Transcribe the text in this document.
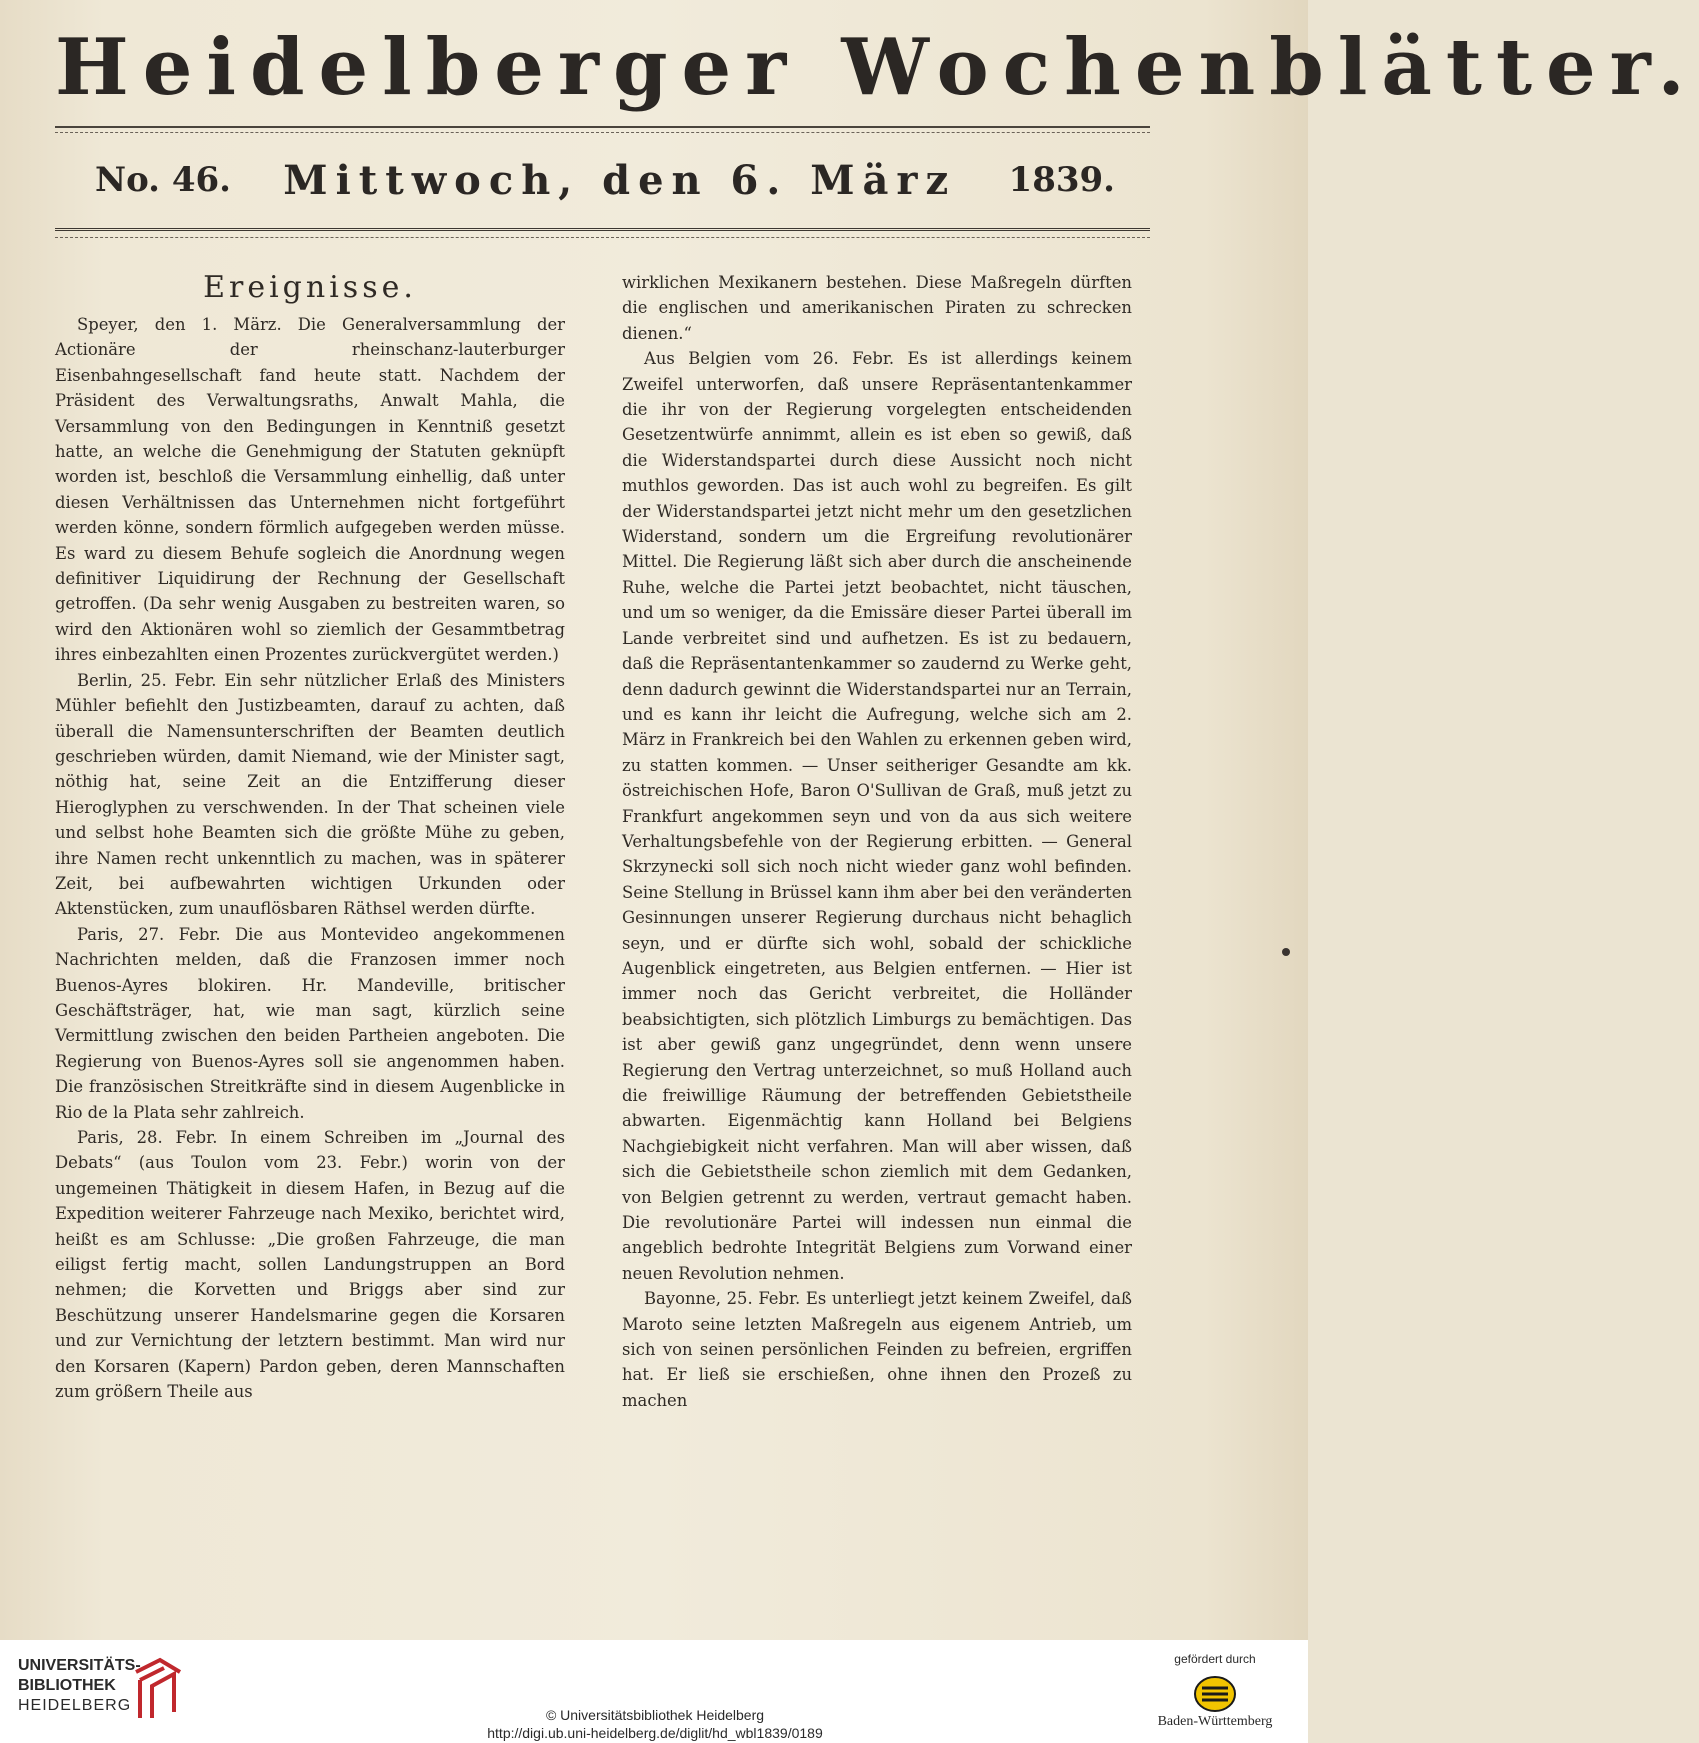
Heidelberger Wochenblätter.
No. 46. Mittwoch, den 6. März 1839.
Ereignisse.

Speyer, den 1. März. Die Generalversammlung der Actionäre der rheinschanz-lauterburger Eisenbahngesellschaft fand heute statt. Nachdem der Präsident des Verwaltungsraths, Anwalt Mahla, die Versammlung von den Bedingungen in Kenntniß gesetzt hatte, an welche die Genehmigung der Statuten geknüpft worden ist, beschloß die Versammlung einhellig, daß unter diesen Verhältnissen das Unternehmen nicht fortgeführt werden könne, sondern förmlich aufgegeben werden müsse. Es ward zu diesem Behufe sogleich die Anordnung wegen definitiver Liquidirung der Rechnung der Gesellschaft getroffen. (Da sehr wenig Ausgaben zu bestreiten waren, so wird den Aktionären wohl so ziemlich der Gesammtbetrag ihres einbezahlten einen Prozentes zurückvergütet werden.)

Berlin, 25. Febr. Ein sehr nützlicher Erlaß des Ministers Mühler befiehlt den Justizbeamten, darauf zu achten, daß überall die Namensunterschriften der Beamten deutlich geschrieben würden, damit Niemand, wie der Minister sagt, nöthig hat, seine Zeit an die Entzifferung dieser Hieroglyphen zu verschwenden. In der That scheinen viele und selbst hohe Beamten sich die größte Mühe zu geben, ihre Namen recht unkenntlich zu machen, was in späterer Zeit, bei aufbewahrten wichtigen Urkunden oder Aktenstücken, zum unauflösbaren Räthsel werden dürfte.

Paris, 27. Febr. Die aus Montevideo angekommenen Nachrichten melden, daß die Franzosen immer noch Buenos-Ayres blokiren. Hr. Mandeville, britischer Geschäftsträger, hat, wie man sagt, kürzlich seine Vermittlung zwischen den beiden Partheien angeboten. Die Regierung von Buenos-Ayres soll sie angenommen haben. Die französischen Streitkräfte sind in diesem Augenblicke in Rio de la Plata sehr zahlreich.

Paris, 28. Febr. In einem Schreiben im „Journal des Debats“ (aus Toulon vom 23. Febr.) worin von der ungemeinen Thätigkeit in diesem Hafen, in Bezug auf die Expedition weiterer Fahrzeuge nach Mexiko, berichtet wird, heißt es am Schlusse: „Die großen Fahrzeuge, die man eiligst fertig macht, sollen Landungstruppen an Bord nehmen; die Korvetten und Briggs aber sind zur Beschützung unserer Handelsmarine gegen die Korsaren und zur Vernichtung der letztern bestimmt. Man wird nur den Korsaren (Kapern) Pardon geben, deren Mannschaften zum größern Theile aus

wirklichen Mexikanern bestehen. Diese Maßregeln dürften die englischen und amerikanischen Piraten zu schrecken dienen.“

Aus Belgien vom 26. Febr. Es ist allerdings keinem Zweifel unterworfen, daß unsere Repräsentantenkammer die ihr von der Regierung vorgelegten entscheidenden Gesetzentwürfe annimmt, allein es ist eben so gewiß, daß die Widerstandspartei durch diese Aussicht noch nicht muthlos geworden. Das ist auch wohl zu begreifen. Es gilt der Widerstandspartei jetzt nicht mehr um den gesetzlichen Widerstand, sondern um die Ergreifung revolutionärer Mittel. Die Regierung läßt sich aber durch die anscheinende Ruhe, welche die Partei jetzt beobachtet, nicht täuschen, und um so weniger, da die Emissäre dieser Partei überall im Lande verbreitet sind und aufhetzen. Es ist zu bedauern, daß die Repräsentantenkammer so zaudernd zu Werke geht, denn dadurch gewinnt die Widerstandspartei nur an Terrain, und es kann ihr leicht die Aufregung, welche sich am 2. März in Frankreich bei den Wahlen zu erkennen geben wird, zu statten kommen. — Unser seitheriger Gesandte am kk. östreichischen Hofe, Baron O'Sullivan de Graß, muß jetzt zu Frankfurt angekommen seyn und von da aus sich weitere Verhaltungsbefehle von der Regierung erbitten. — General Skrzynecki soll sich noch nicht wieder ganz wohl befinden. Seine Stellung in Brüssel kann ihm aber bei den veränderten Gesinnungen unserer Regierung durchaus nicht behaglich seyn, und er dürfte sich wohl, sobald der schickliche Augenblick eingetreten, aus Belgien entfernen. — Hier ist immer noch das Gericht verbreitet, die Holländer beabsichtigten, sich plötzlich Limburgs zu bemächtigen. Das ist aber gewiß ganz ungegründet, denn wenn unsere Regierung den Vertrag unterzeichnet, so muß Holland auch die freiwillige Räumung der betreffenden Gebietstheile abwarten. Eigenmächtig kann Holland bei Belgiens Nachgiebigkeit nicht verfahren. Man will aber wissen, daß sich die Gebietstheile schon ziemlich mit dem Gedanken, von Belgien getrennt zu werden, vertraut gemacht haben. Die revolutionäre Partei will indessen nun einmal die angeblich bedrohte Integrität Belgiens zum Vorwand einer neuen Revolution nehmen.

Bayonne, 25. Febr. Es unterliegt jetzt keinem Zweifel, daß Maroto seine letzten Maßregeln aus eigenem Antrieb, um sich von seinen persönlichen Feinden zu befreien, ergriffen hat. Er ließ sie erschießen, ohne ihnen den Prozeß zu machen

UNIVERSITÄTS-
BIBLIOTHEK
HEIDELBERG
© Universitätsbibliothek Heidelberg
http://digi.ub.uni-heidelberg.de/diglit/hd_wbl1839/0189
gefördert durch
Baden-Württemberg
